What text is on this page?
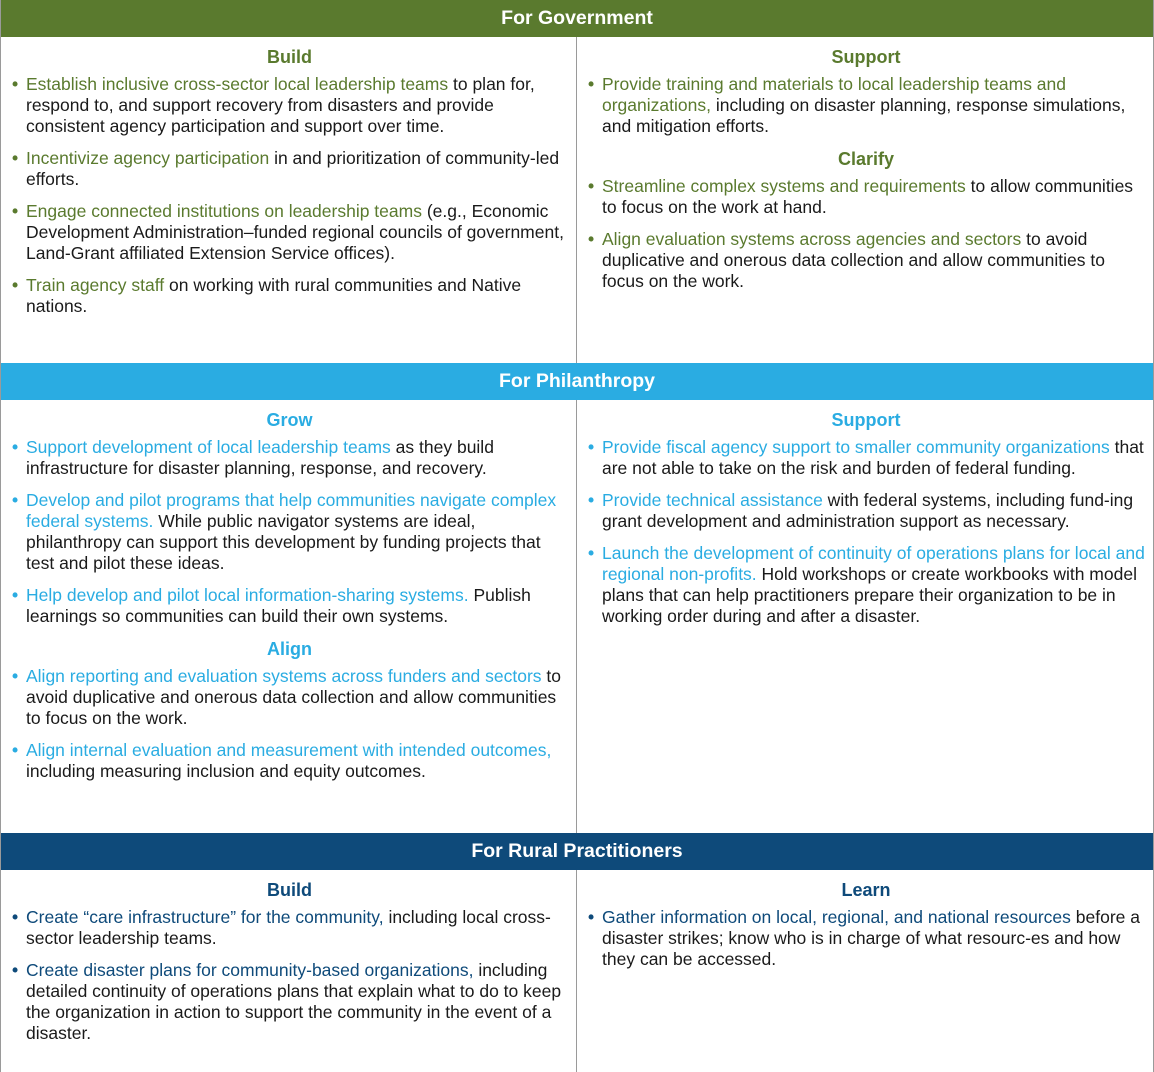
For Government
Build
• Establish inclusive cross-sector local leadership teams to plan for, respond to, and support recovery from disasters and provide consistent agency participation and support over time.
• Incentivize agency participation in and prioritization of community-led efforts.
• Engage connected institutions on leadership teams (e.g., Economic Development Administration–funded regional councils of government, Land-Grant affiliated Extension Service offices).
• Train agency staff on working with rural communities and Native nations.
Support
• Provide training and materials to local leadership teams and organizations, including on disaster planning, response simulations, and mitigation efforts.
Clarify
• Streamline complex systems and requirements to allow communities to focus on the work at hand.
• Align evaluation systems across agencies and sectors to avoid duplicative and onerous data collection and allow communities to focus on the work.
For Philanthropy
Grow
• Support development of local leadership teams as they build infrastructure for disaster planning, response, and recovery.
• Develop and pilot programs that help communities navigate complex federal systems. While public navigator systems are ideal, philanthropy can support this development by funding projects that test and pilot these ideas.
• Help develop and pilot local information-sharing systems. Publish learnings so communities can build their own systems.
Align
• Align reporting and evaluation systems across funders and sectors to avoid duplicative and onerous data collection and allow communities to focus on the work.
• Align internal evaluation and measurement with intended outcomes, including measuring inclusion and equity outcomes.
Support
• Provide fiscal agency support to smaller community organizations that are not able to take on the risk and burden of federal funding.
• Provide technical assistance with federal systems, including fund-ing grant development and administration support as necessary.
• Launch the development of continuity of operations plans for local and regional non-profits. Hold workshops or create workbooks with model plans that can help practitioners prepare their organization to be in working order during and after a disaster.
For Rural Practitioners
Build
• Create “care infrastructure” for the community, including local cross-sector leadership teams.
• Create disaster plans for community-based organizations, including detailed continuity of operations plans that explain what to do to keep the organization in action to support the community in the event of a disaster.
Learn
• Gather information on local, regional, and national resources before a disaster strikes; know who is in charge of what resourc-es and how they can be accessed.
